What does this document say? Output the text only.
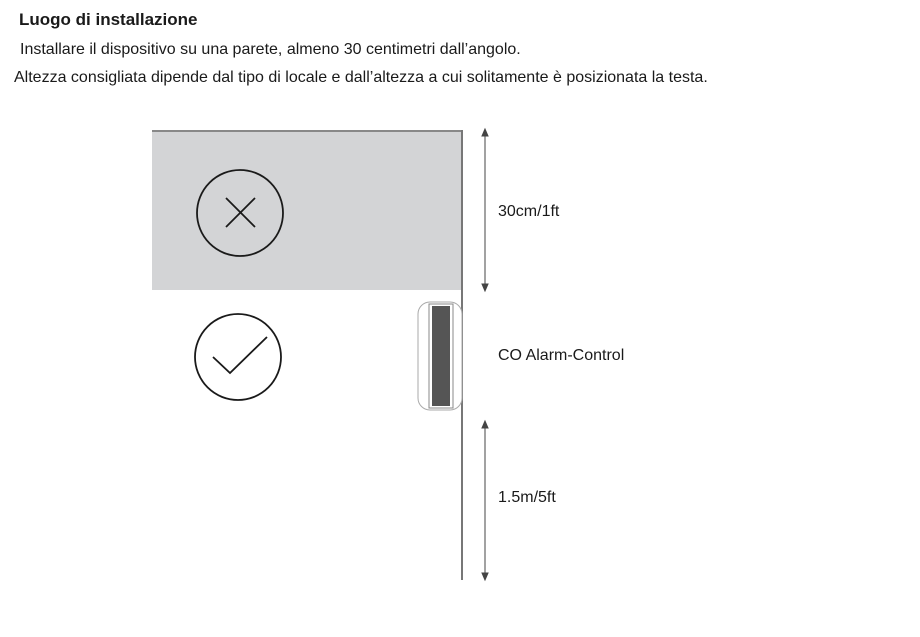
Luogo di installazione
Installare il dispositivo su una parete, almeno 30 centimetri dall’angolo.
Altezza consigliata dipende dal tipo di locale e dall’altezza a cui solitamente è posizionata la testa.
30cm/1ft
CO Alarm-Control
1.5m/5ft
